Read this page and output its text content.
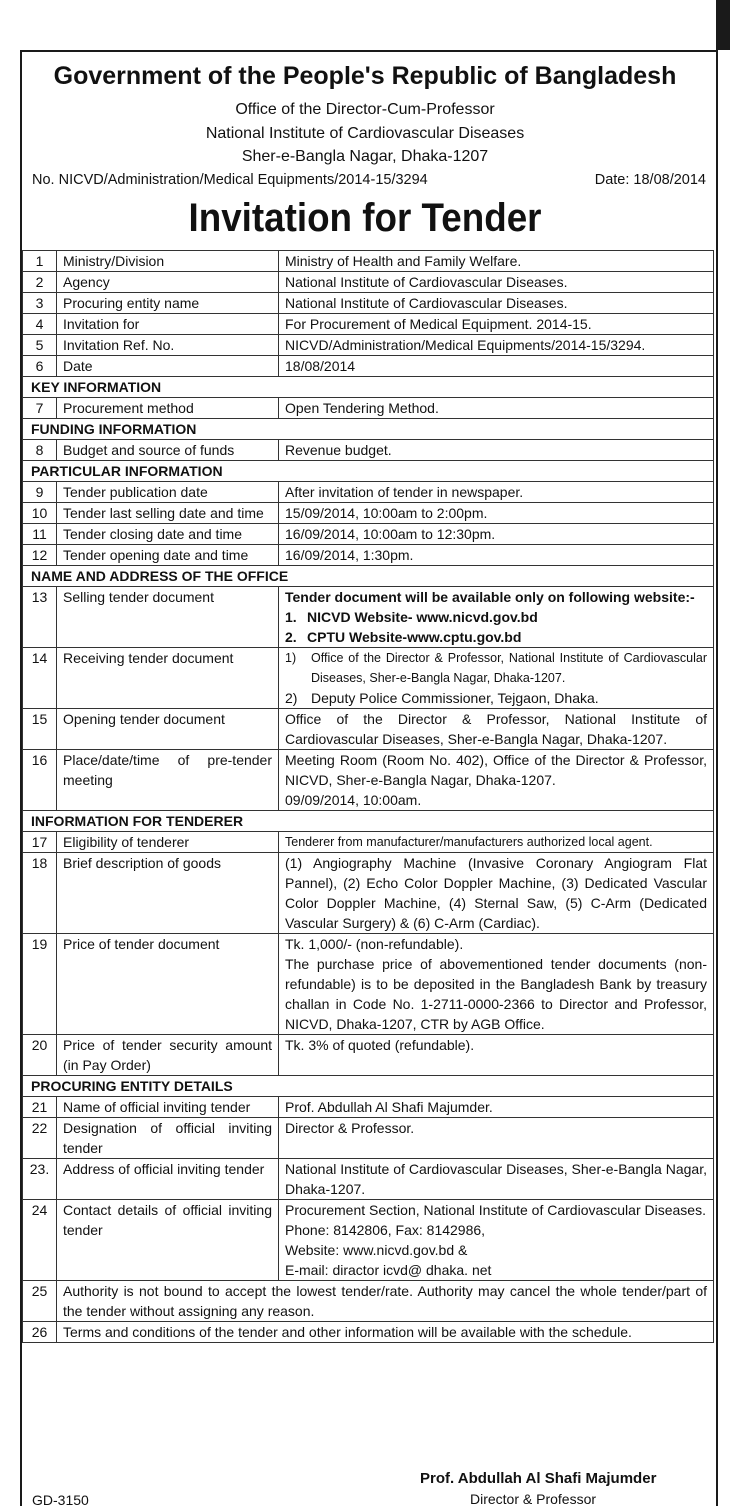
Government of the People's Republic of Bangladesh
Office of the Director-Cum-Professor
National Institute of Cardiovascular Diseases
Sher-e-Bangla Nagar, Dhaka-1207
No. NICVD/Administration/Medical Equipments/2014-15/3294	Date: 18/08/2014
Invitation for Tender
1	Ministry/Division	Ministry of Health and Family Welfare.
2	Agency	National Institute of Cardiovascular Diseases.
3	Procuring entity name	National Institute of Cardiovascular Diseases.
4	Invitation for	For Procurement of Medical Equipment. 2014-15.
5	Invitation Ref. No.	NICVD/Administration/Medical Equipments/2014-15/3294.
6	Date	18/08/2014
KEY INFORMATION		
7	Procurement method	Open Tendering Method.
FUNDING INFORMATION		
8	Budget and source of funds	Revenue budget.
PARTICULAR INFORMATION		
9	Tender publication date	After invitation of tender in newspaper.
10	Tender last selling date and time	15/09/2014, 10:00am to 2:00pm.
11	Tender closing date and time	16/09/2014, 10:00am to 12:30pm.
12	Tender opening date and time	16/09/2014, 1:30pm.
NAME AND ADDRESS OF THE OFFICE		
13	Selling tender document	Tender document will be available only on following website:-
1. NICVD Website- www.nicvd.gov.bd
2. CPTU Website-www.cptu.gov.bd

14	Receiving tender document	1) Office of the Director & Professor, National Institute of Cardiovascular Diseases, Sher-e-Bangla Nagar, Dhaka-1207.
2) Deputy Police Commissioner, Tejgaon, Dhaka.

15	Opening tender document	Office of the Director & Professor, National Institute of Cardiovascular Diseases, Sher-e-Bangla Nagar, Dhaka-1207.
16	Place/date/time of pre-tender meeting	Meeting Room (Room No. 402), Office of the Director & Professor, NICVD, Sher-e-Bangla Nagar, Dhaka-1207.
09/09/2014, 10:00am.

INFORMATION FOR TENDERER		
17	Eligibility of tenderer	Tenderer from manufacturer/manufacturers authorized local agent.
18	Brief description of goods	(1) Angiography Machine (Invasive Coronary Angiogram Flat Pannel), (2) Echo Color Doppler Machine, (3) Dedicated Vascular Color Doppler Machine, (4) Sternal Saw, (5) C-Arm (Dedicated Vascular Surgery) & (6) C-Arm (Cardiac).
19	Price of tender document	Tk. 1,000/- (non-refundable).
The purchase price of abovementioned tender documents (non-refundable) is to be deposited in the Bangladesh Bank by treasury challan in Code No. 1-2711-0000-2366 to Director and Professor, NICVD, Dhaka-1207, CTR by AGB Office.

20	Price of tender security amount (in Pay Order)	Tk. 3% of quoted (refundable).
PROCURING ENTITY DETAILS		
21	Name of official inviting tender	Prof. Abdullah Al Shafi Majumder.
22	Designation of official inviting tender	Director & Professor.
23.	Address of official inviting tender	National Institute of Cardiovascular Diseases, Sher-e-Bangla Nagar, Dhaka-1207.
24	Contact details of official inviting tender	Procurement Section, National Institute of Cardiovascular Diseases.
Phone: 8142806, Fax: 8142986,
Website: www.nicvd.gov.bd &
E-mail: diractor icvd@ dhaka. net

25	Authority is not bound to accept the lowest tender/rate. Authority may cancel the whole tender/part of the tender without assigning any reason.	
26	Terms and conditions of the tender and other information will be available with the schedule.	
Prof. Abdullah Al Shafi Majumder
Director & Professor
GD-3150
